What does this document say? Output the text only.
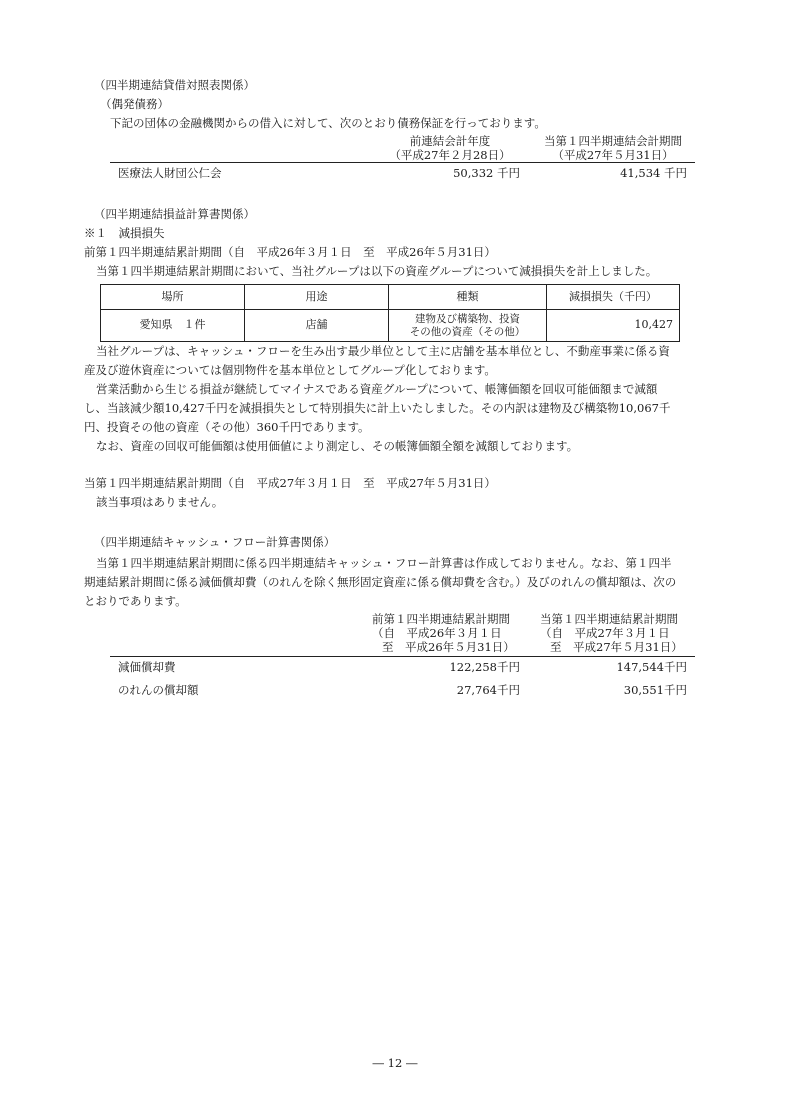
（四半期連結貸借対照表関係）
（偶発債務）
下記の団体の金融機関からの借入に対して、次のとおり債務保証を行っております。
前連結会計年度
（平成27年２月28日）
当第１四半期連結会計期間
（平成27年５月31日）
医療法人財団公仁会	50,332 千円	41,534 千円
（四半期連結損益計算書関係）
※１　減損損失
前第１四半期連結累計期間（自　平成26年３月１日　至　平成26年５月31日）
当第１四半期連結累計期間において、当社グループは以下の資産グループについて減損損失を計上しました。
場所	用途	種類	減損損失（千円）
愛知県　１件	店舗	建物及び構築物、投資
その他の資産（その他）	10,427
当社グループは、キャッシュ・フローを生み出す最少単位として主に店舗を基本単位とし、不動産事業に係る資
産及び遊休資産については個別物件を基本単位としてグループ化しております。
営業活動から生じる損益が継続してマイナスである資産グループについて、帳簿価額を回収可能価額まで減額
し、当該減少額10,427千円を減損損失として特別損失に計上いたしました。その内訳は建物及び構築物10,067千
円、投資その他の資産（その他）360千円であります。
なお、資産の回収可能価額は使用価値により測定し、その帳簿価額全額を減額しております。
当第１四半期連結累計期間（自　平成27年３月１日　至　平成27年５月31日）
該当事項はありません。
（四半期連結キャッシュ・フロー計算書関係）
当第１四半期連結累計期間に係る四半期連結キャッシュ・フロー計算書は作成しておりません。なお、第１四半
期連結累計期間に係る減価償却費（のれんを除く無形固定資産に係る償却費を含む。）及びのれんの償却額は、次の
とおりであります。
前第１四半期連結累計期間
（自　平成26年３月１日
至　平成26年５月31日）
当第１四半期連結累計期間
（自　平成27年３月１日
至　平成27年５月31日）
減価償却費	122,258千円	147,544千円
のれんの償却額	27,764千円	30,551千円
― 12 ―
